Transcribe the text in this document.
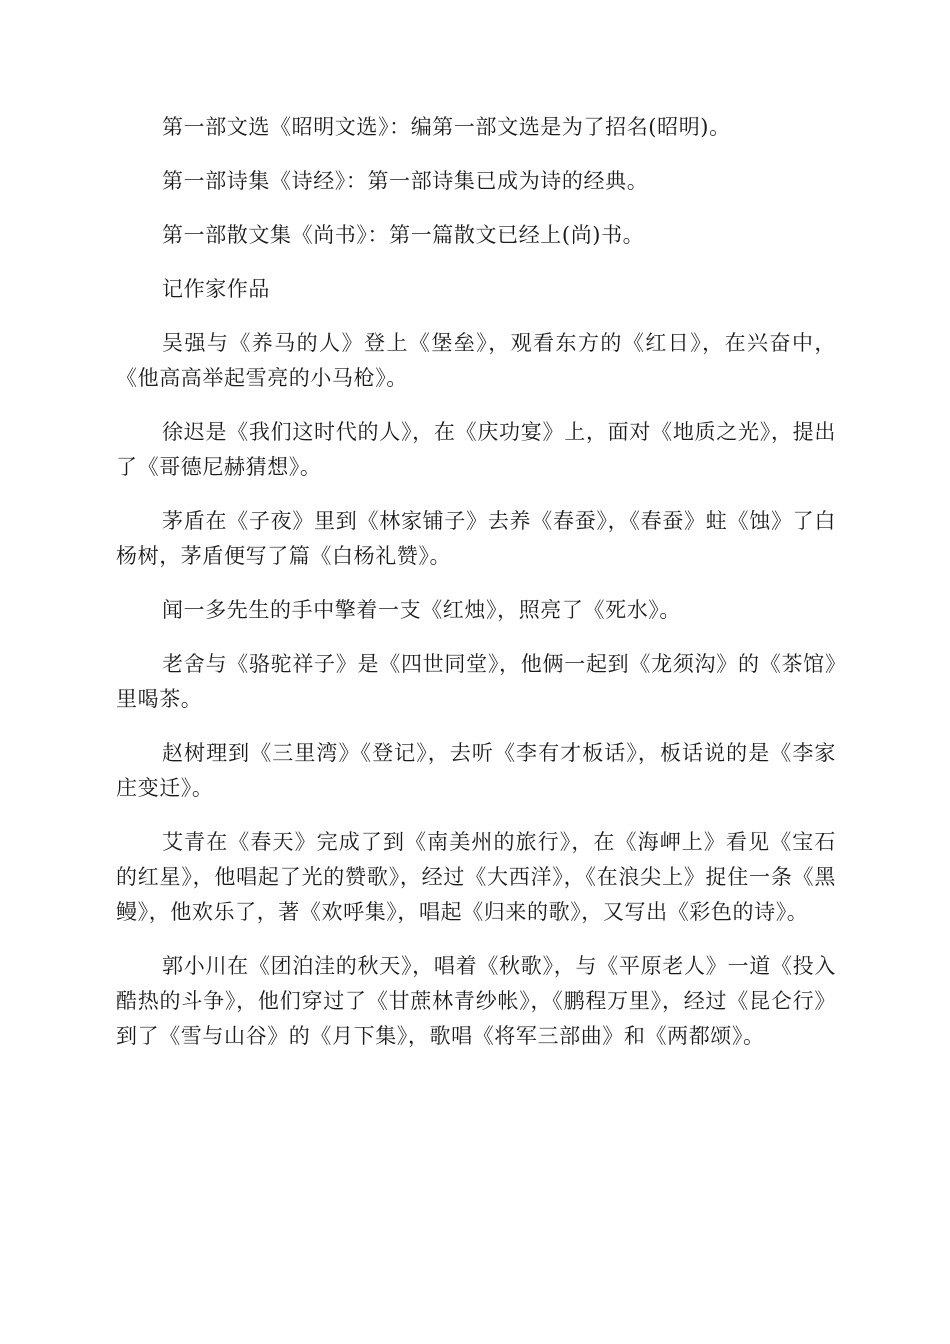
第一部文选《昭明文选》：编第一部文选是为了招名(昭明)。

第一部诗集《诗经》：第一部诗集已成为诗的经典。

第一部散文集《尚书》：第一篇散文已经上(尚)书。

记作家作品

吴强与《养马的人》登上《堡垒》，观看东方的《红日》，在兴奋中，《他高高举起雪亮的小马枪》。

徐迟是《我们这时代的人》，在《庆功宴》上，面对《地质之光》，提出了《哥德尼赫猜想》。

茅盾在《子夜》里到《林家铺子》去养《春蚕》，《春蚕》蛀《蚀》了白杨树，茅盾便写了篇《白杨礼赞》。

闻一多先生的手中擎着一支《红烛》，照亮了《死水》。

老舍与《骆驼祥子》是《四世同堂》，他俩一起到《龙须沟》的《茶馆》里喝茶。

赵树理到《三里湾》《登记》，去听《李有才板话》，板话说的是《李家庄变迁》。

艾青在《春天》完成了到《南美州的旅行》，在《海岬上》看见《宝石的红星》，他唱起了光的赞歌》，经过《大西洋》，《在浪尖上》捉住一条《黑鳗》，他欢乐了，著《欢呼集》，唱起《归来的歌》，又写出《彩色的诗》。

郭小川在《团泊洼的秋天》，唱着《秋歌》，与《平原老人》一道《投入酷热的斗争》，他们穿过了《甘蔗林青纱帐》，《鹏程万里》，经过《昆仑行》到了《雪与山谷》的《月下集》，歌唱《将军三部曲》和《两都颂》。
